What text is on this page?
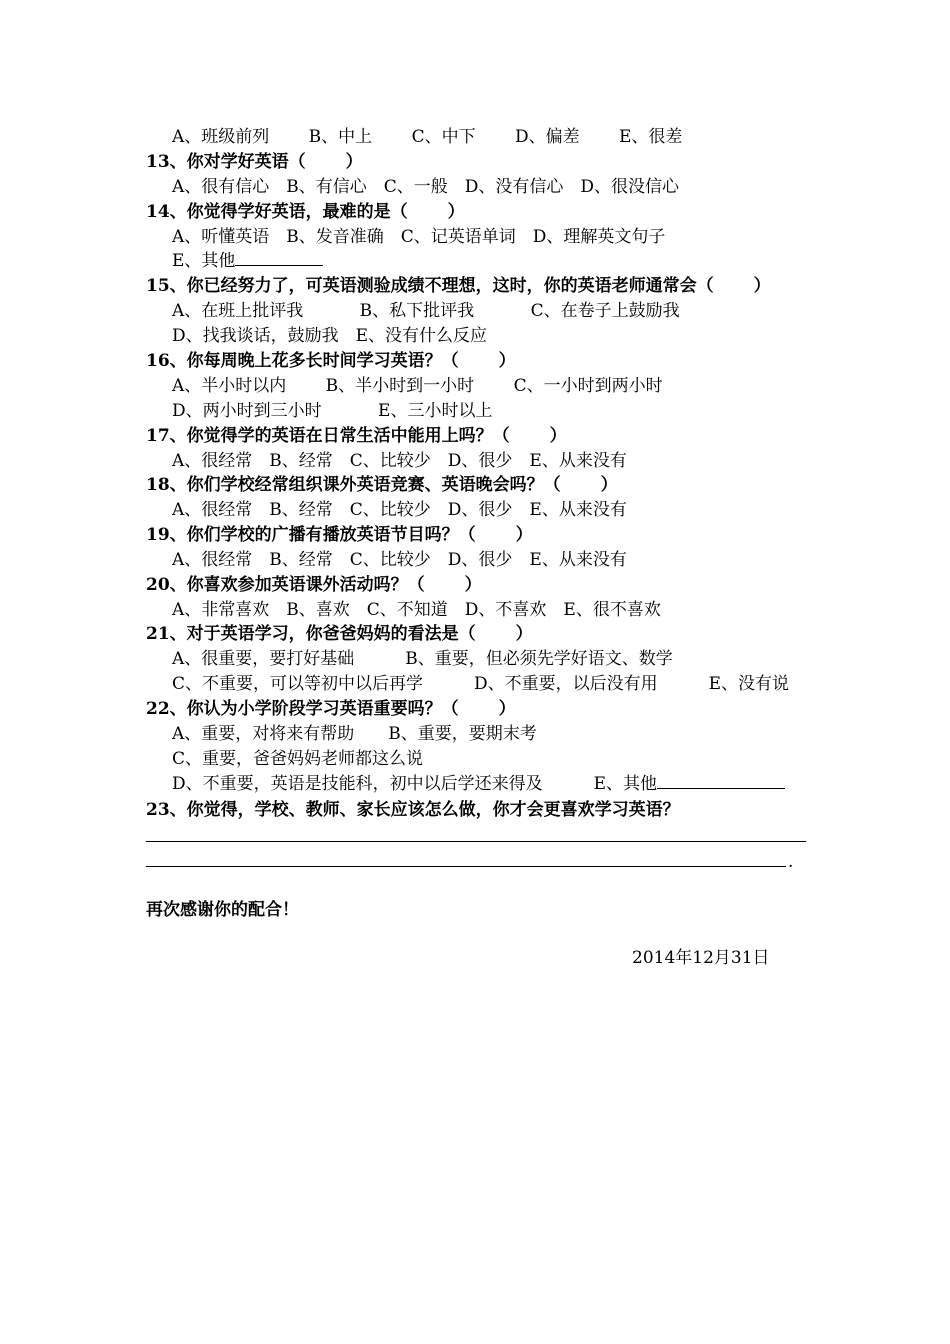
A、班级前列　 　B、中上　　 C、中下　 　D、偏差　 　E、很差
13、你对学好英语（　　 ）
A、很有信心　B、有信心　C、一般　D、没有信心　D、很没信心
14、你觉得学好英语，最难的是（　　 ）
A、听懂英语　B、发音准确　C、记英语单词　D、理解英文句子
E、其他
15、你已经努力了，可英语测验成绩不理想，这时，你的英语老师通常会（　　 ）
A、在班上批评我　　　 B、私下批评我　　　 C、在卷子上鼓励我
D、找我谈话，鼓励我　E、没有什么反应
16、你每周晚上花多长时间学习英语？（　　 ）
A、半小时以内　　 B、半小时到一小时　　 C、一小时到两小时
D、两小时到三小时　　　 E、三小时以上
17、你觉得学的英语在日常生活中能用上吗？（　　 ）
A、很经常　B、经常　C、比较少　D、很少　E、从来没有
18、你们学校经常组织课外英语竞赛、英语晚会吗？（　　 ）
A、很经常　B、经常　C、比较少　D、很少　E、从来没有
19、你们学校的广播有播放英语节目吗？（　　 ）
A、很经常　B、经常　C、比较少　D、很少　E、从来没有
20、你喜欢参加英语课外活动吗？（　　 ）
A、非常喜欢　B、喜欢　C、不知道　D、不喜欢　E、很不喜欢
21、对于英语学习，你爸爸妈妈的看法是（　　 ）
A、很重要，要打好基础　　　B、重要，但必须先学好语文、数学
C、不重要，可以等初中以后再学　　　D、不重要，以后没有用　　　E、没有说
22、你认为小学阶段学习英语重要吗？（　　 ）
A、重要，对将来有帮助　　B、重要，要期末考
C、重要，爸爸妈妈老师都这么说
D、不重要，英语是技能科，初中以后学还来得及　　　E、其他
23、你觉得，学校、教师、家长应该怎么做，你才会更喜欢学习英语？
.
再次感谢你的配合！
2014年12月31日
